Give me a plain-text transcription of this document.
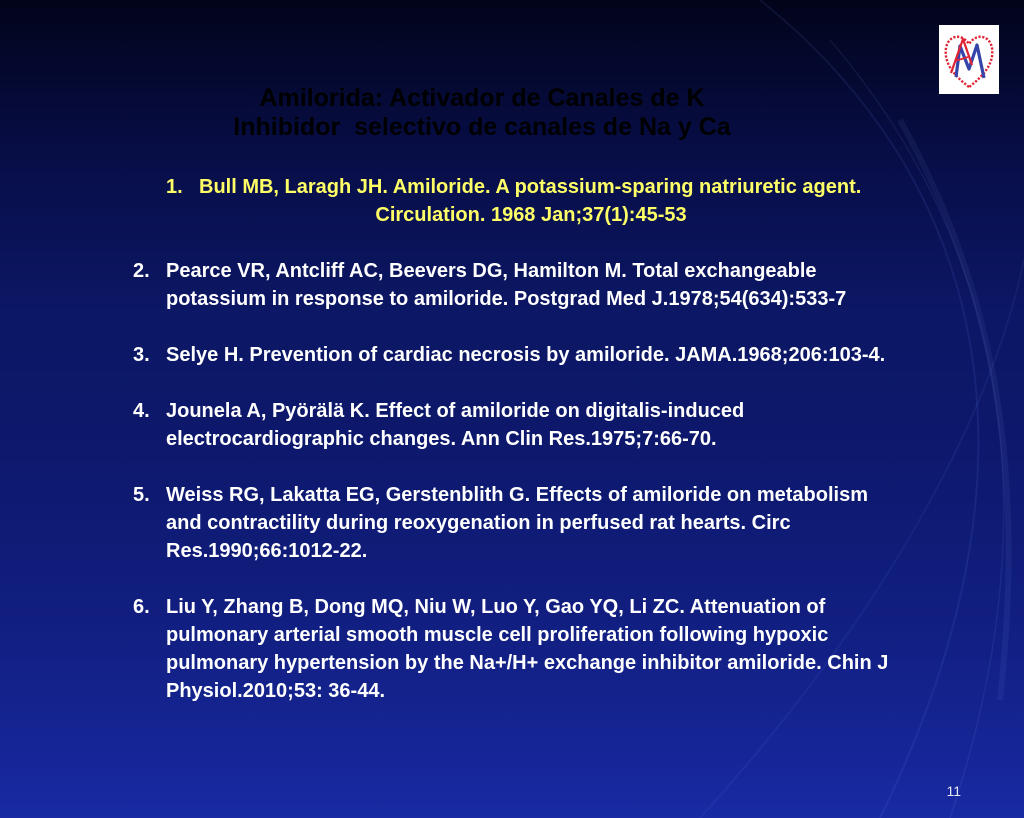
Amilorida: Activador de Canales de K
Inhibidor  selectivo de canales de Na y Ca
1. Bull MB, Laragh JH. Amiloride. A potassium-sparing natriuretic agent.
Circulation. 1968 Jan;37(1):45-53
2. Pearce VR, Antcliff AC, Beevers DG, Hamilton M. Total exchangeable
potassium in response to amiloride. Postgrad Med J.1978;54(634):533-7
3. Selye H. Prevention of cardiac necrosis by amiloride. JAMA.1968;206:103-4.
4. Jounela A, Pyörälä K. Effect of amiloride on digitalis-induced
electrocardiographic changes. Ann Clin Res.1975;7:66-70.
5. Weiss RG, Lakatta EG, Gerstenblith G. Effects of amiloride on metabolism
and contractility during reoxygenation in perfused rat hearts. Circ
Res.1990;66:1012-22.
6. Liu Y, Zhang B, Dong MQ, Niu W, Luo Y, Gao YQ, Li ZC. Attenuation of
pulmonary arterial smooth muscle cell proliferation following hypoxic
pulmonary hypertension by the Na+/H+ exchange inhibitor amiloride. Chin J
Physiol.2010;53: 36-44.
11
